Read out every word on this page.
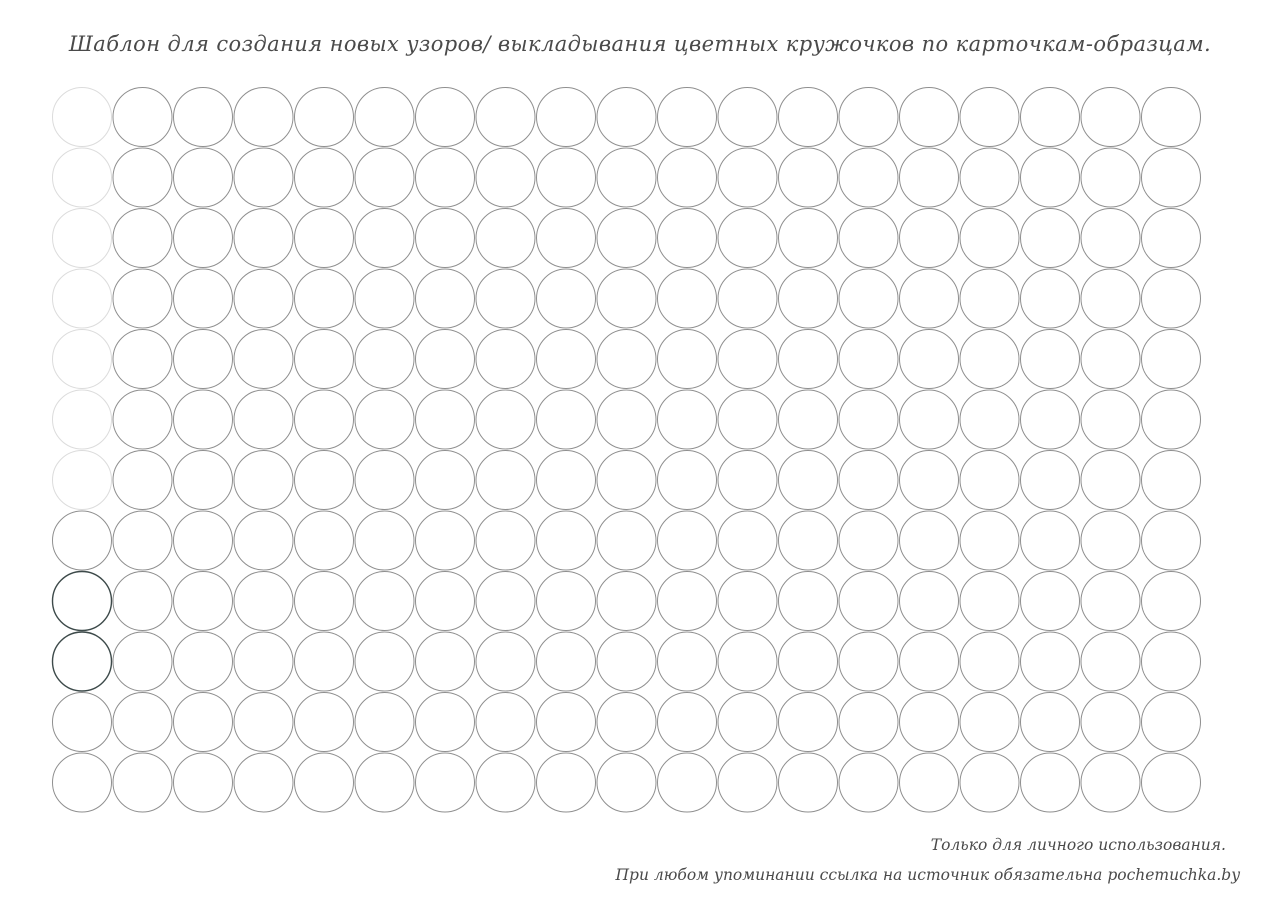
Шаблон для создания новых узоров/ выкладывания цветных кружочков по карточкам-образцам.
Только для личного использования.
При любом упоминании ссылка на источник обязательна pochemuchka.by
